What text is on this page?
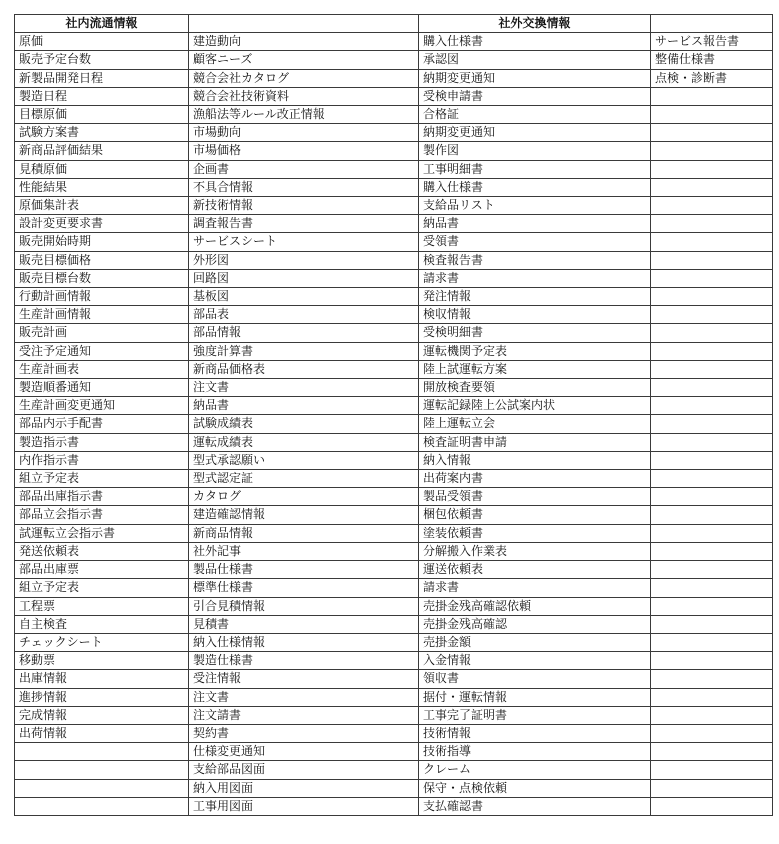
社内流通情報		社外交換情報	
原価	建造動向	購入仕様書	サービス報告書
販売予定台数	顧客ニーズ	承認図	整備仕様書
新製品開発日程	競合会社カタログ	納期変更通知	点検・診断書
製造日程	競合会社技術資料	受検申請書	
目標原価	漁船法等ルール改正情報	合格証	
試験方案書	市場動向	納期変更通知	
新商品評価結果	市場価格	製作図	
見積原価	企画書	工事明細書	
性能結果	不具合情報	購入仕様書	
原価集計表	新技術情報	支給品リスト	
設計変更要求書	調査報告書	納品書	
販売開始時期	サービスシート	受領書	
販売目標価格	外形図	検査報告書	
販売目標台数	回路図	請求書	
行動計画情報	基板図	発注情報	
生産計画情報	部品表	検収情報	
販売計画	部品情報	受検明細書	
受注予定通知	強度計算書	運転機関予定表	
生産計画表	新商品価格表	陸上試運転方案	
製造順番通知	注文書	開放検査要領	
生産計画変更通知	納品書	運転記録陸上公試案内状	
部品内示手配書	試験成績表	陸上運転立会	
製造指示書	運転成績表	検査証明書申請	
内作指示書	型式承認願い	納入情報	
組立予定表	型式認定証	出荷案内書	
部品出庫指示書	カタログ	製品受領書	
部品立会指示書	建造確認情報	梱包依頼書	
試運転立会指示書	新商品情報	塗装依頼書	
発送依頼表	社外記事	分解搬入作業表	
部品出庫票	製品仕様書	運送依頼表	
組立予定表	標準仕様書	請求書	
工程票	引合見積情報	売掛金残高確認依頼	
自主検査	見積書	売掛金残高確認	
チェックシート	納入仕様情報	売掛金額	
移動票	製造仕様書	入金情報	
出庫情報	受注情報	領収書	
進捗情報	注文書	据付・運転情報	
完成情報	注文請書	工事完了証明書	
出荷情報	契約書	技術情報	
	仕様変更通知	技術指導	
	支給部品図面	クレーム	
	納入用図面	保守・点検依頼	
	工事用図面	支払確認書	
